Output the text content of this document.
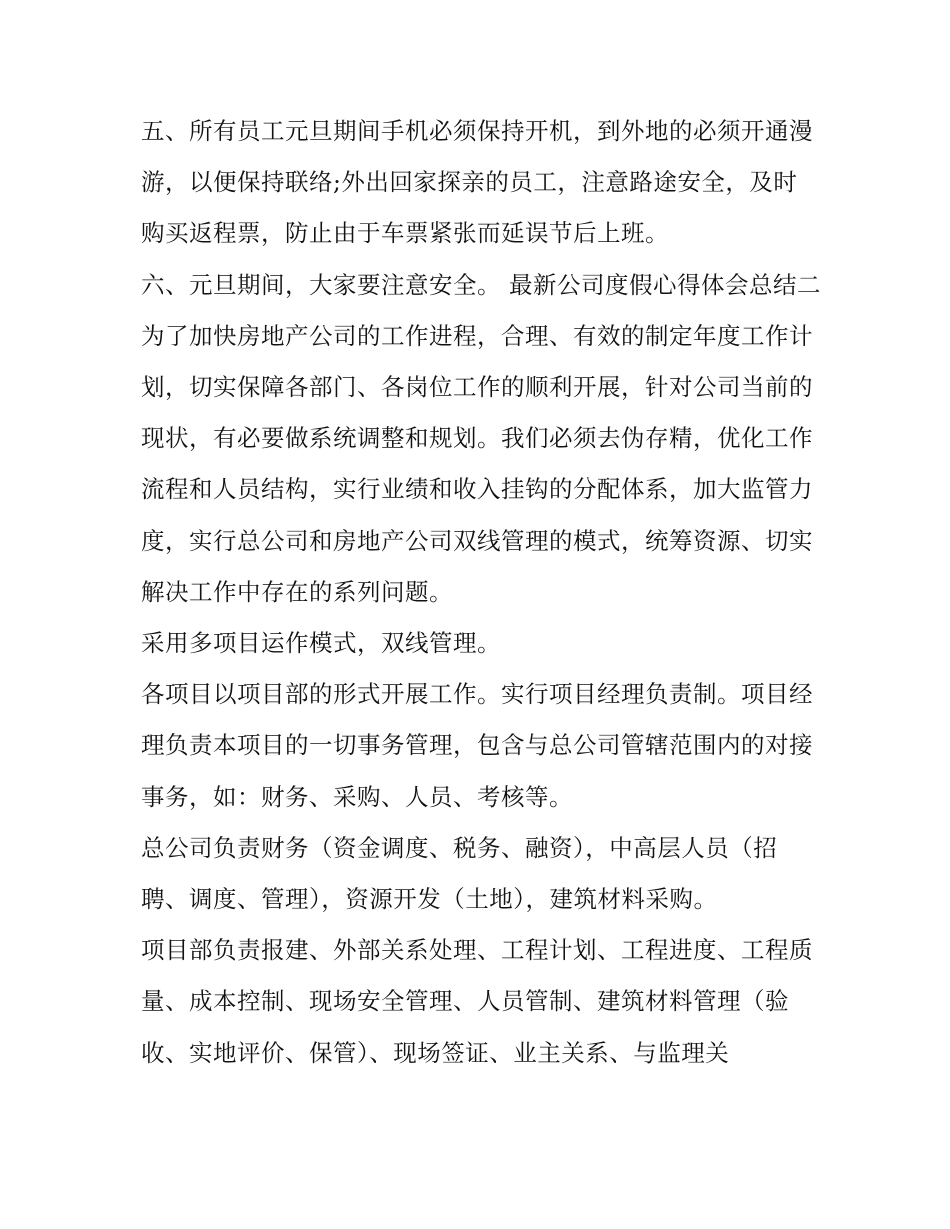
五、所有员工元旦期间手机必须保持开机，到外地的必须开通漫游，以便保持联络;外出回家探亲的员工，注意路途安全，及时购买返程票，防止由于车票紧张而延误节后上班。

六、元旦期间，大家要注意安全。 最新公司度假心得体会总结二

为了加快房地产公司的工作进程，合理、有效的制定年度工作计划，切实保障各部门、各岗位工作的顺利开展，针对公司当前的现状，有必要做系统调整和规划。我们必须去伪存精，优化工作流程和人员结构，实行业绩和收入挂钩的分配体系，加大监管力度，实行总公司和房地产公司双线管理的模式，统筹资源、切实解决工作中存在的系列问题。

采用多项目运作模式，双线管理。

各项目以项目部的形式开展工作。实行项目经理负责制。项目经理负责本项目的一切事务管理，包含与总公司管辖范围内的对接事务，如：财务、采购、人员、考核等。

总公司负责财务（资金调度、税务、融资），中高层人员（招聘、调度、管理），资源开发（土地），建筑材料采购。

项目部负责报建、外部关系处理、工程计划、工程进度、工程质量、成本控制、现场安全管理、人员管制、建筑材料管理（验收、实地评价、保管）、现场签证、业主关系、与监理关
